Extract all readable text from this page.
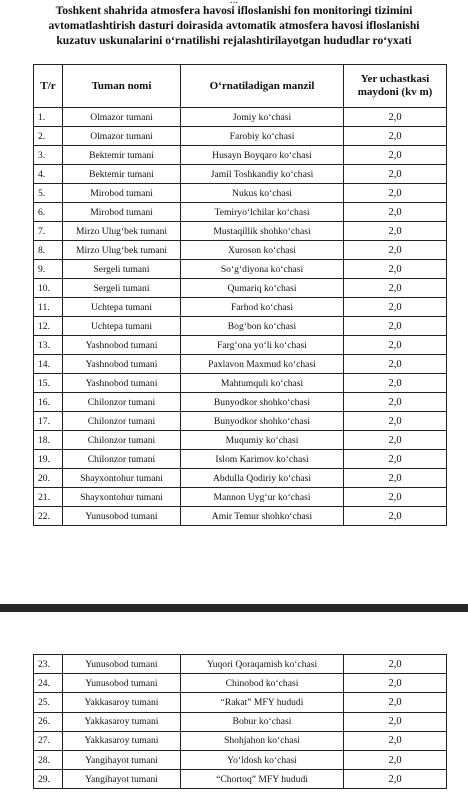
…
Toshkent shahrida atmosfera havosi ifloslanishi fon monitoringi tizimini
avtomatlashtirish dasturi doirasida avtomatik atmosfera havosi ifloslanishi
kuzatuv uskunalarini o‘rnatilishi rejalashtirilayotgan hududlar ro‘yxati
T/r	Tuman nomi	O‘rnatiladigan manzil	Yer uchastkasi maydoni (kv m)
1.	Olmazor tumani	Jomiy ko‘chasi	2,0
2.	Olmazor tumani	Farobiy ko‘chasi	2,0
3.	Bektemir tumani	Husayn Boyqaro ko‘chasi	2,0
4.	Bektemir tumani	Jamil Toshkandiy ko‘chasi	2,0
5.	Mirobod tumani	Nukus ko‘chasi	2,0
6.	Mirobod tumani	Temiryo‘lchilar ko‘chasi	2,0
7.	Mirzo Ulug‘bek tumani	Mustaqillik shohko‘chasi	2,0
8.	Mirzo Ulug‘bek tumani	Xuroson ko‘chasi	2,0
9.	Sergeli tumani	So‘g‘diyona ko‘chasi	2,0
10.	Sergeli tumani	Qumariq ko‘chasi	2,0
11.	Uchtepa tumani	Farhod ko‘chasi	2,0
12.	Uchtepa tumani	Bog‘bon ko‘chasi	2,0
13.	Yashnobod tumani	Farg‘ona yo‘li ko‘chasi	2,0
14.	Yashnobod tumani	Paxlavon Maxmud ko‘chasi	2,0
15.	Yashnobod tumani	Mahtumquli ko‘chasi	2,0
16.	Chilonzor tumani	Bunyodkor shohko‘chasi	2,0
17.	Chilonzor tumani	Bunyodkor shohko‘chasi	2,0
18.	Chilonzor tumani	Muqumiy ko‘chasi	2,0
19.	Chilonzor tumani	Islom Karimov ko‘chasi	2,0
20.	Shayxontohur tumani	Abdulla Qodiriy ko‘chasi	2,0
21.	Shayxontohur tumani	Mannon Uyg‘ur ko‘chasi	2,0
22.	Yunusobod tumani	Amir Temur shohko‘chasi	2,0
23.	Yunusobod tumani	Yuqori Qoraqamish ko‘chasi	2,0
24.	Yunusobod tumani	Chinobod ko‘chasi	2,0
25.	Yakkasaroy tumani	“Rakat” MFY hududi	2,0
26.	Yakkasaroy tumani	Bobur ko‘chasi	2,0
27.	Yakkasaroy tumani	Shohjahon ko‘chasi	2,0
28.	Yangihayot tumani	Yo‘ldosh ko‘chasi	2,0
29.	Yangihayot tumani	“Chortoq” MFY hududi	2,0
